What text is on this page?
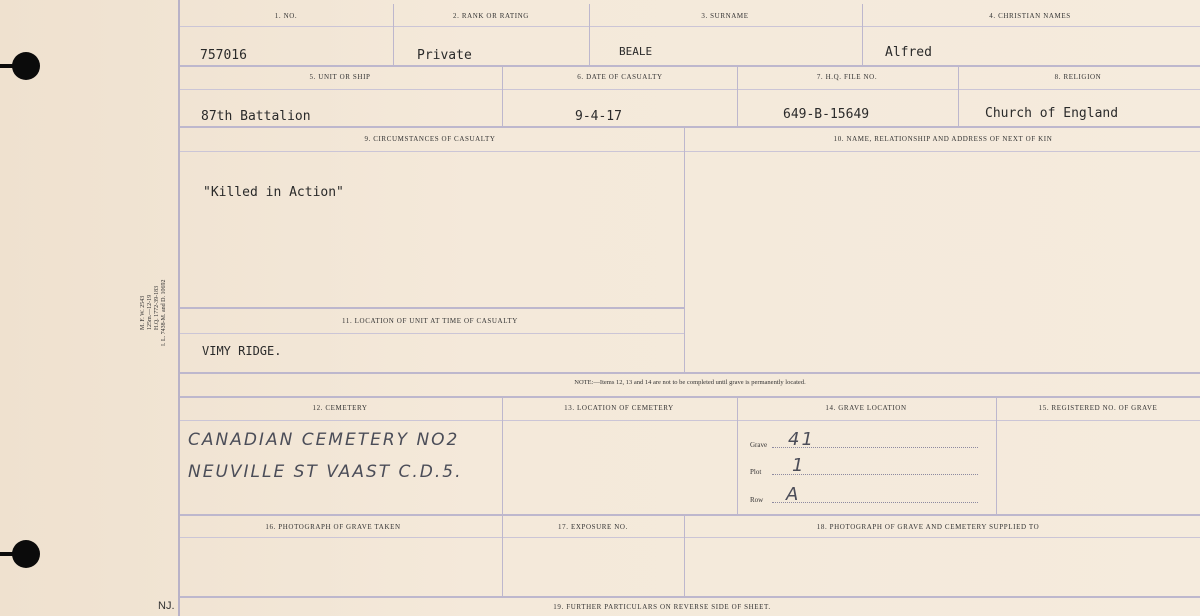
M. F. W. 2543 125m.—12-19 H.Q. 1772-39-183 I. L. 7438-M. and D. 10692
NJ.
1. NO.	2. RANK OR RATING	3. SURNAME	4. CHRISTIAN NAMES
757016	Private	BEALE	Alfred
5. UNIT OR SHIP	6. DATE OF CASUALTY	7. H.Q. FILE NO.	8. RELIGION
87th Battalion	9-4-17	649-B-15649	Church of England
9. CIRCUMSTANCES OF CASUALTY
"Killed in Action"
10. NAME, RELATIONSHIP AND ADDRESS OF NEXT OF KIN
11. LOCATION OF UNIT AT TIME OF CASUALTY
VIMY RIDGE.
NOTE:—Items 12, 13 and 14 are not to be completed until grave is permanently located.
12. CEMETERY	13. LOCATION OF CEMETERY	14. GRAVE LOCATION	15. REGISTERED NO. OF GRAVE
CANADIAN CEMETERY NO2
NEUVILLE ST VAAST C.D.5.
Grave 41
Plot 1
Row A
16. PHOTOGRAPH OF GRAVE TAKEN	17. EXPOSURE NO.	18. PHOTOGRAPH OF GRAVE AND CEMETERY SUPPLIED TO
19. FURTHER PARTICULARS ON REVERSE SIDE OF SHEET.
